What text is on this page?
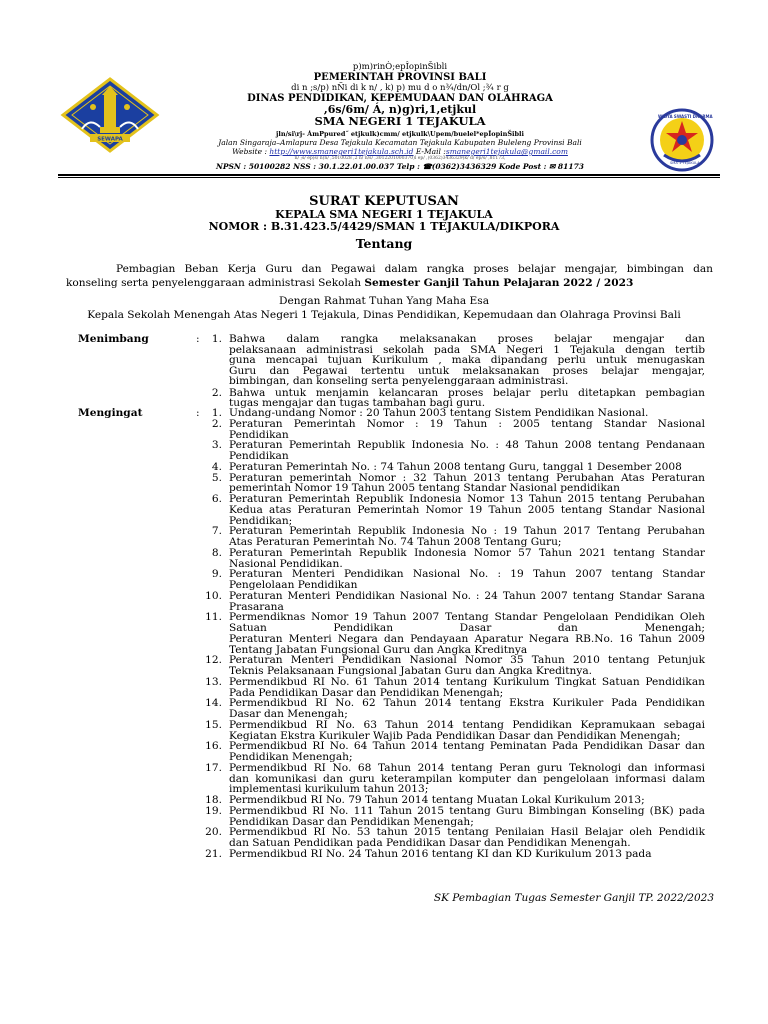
SEWAPA
WIDYA SWASTI DHARMA
SMA 1 TEJAKULA
p)m)rinÒ;epÎopinŠibli
PEMERINTAH PROVINSI BALI
di n ;s/p) nÑi di k n/ , k) p) mu d o n¾/dn/Ol ;¾ r g
DINAS PENDIDIKAN, KEPEMUDAAN DAN OLAHRAGA
,6s/6m/ Á, n)g)ri,1,etjkul
SMA NEGERI 1 TEJAKULA
jln/si\rj- ÁmPpured˝ etjkulk)cmm/ etjkulk\Upem/buelel*epÎopinŠibli
Jalan Singaraja–Amlapura Desa Tejakula Kecamatan Tejakula Kabupaten Buleleng Provinsi Bali
Website : http://www.smanegeri1tejakula.sch.id E-Mail :smanegeri1tejakula@gmail.com
n/ ;s/ ep)s/ n)n/ ,5010028 ,2 n/ n/s/ ,3012201000370)l ep/ ,(0362)3436329)k/ d/ ep/s/ ,81173,
NPSN : 50100282 NSS : 30.1.22.01.00.037 Telp : ☎(0362)3436329 Kode Post : ✉ 81173
SURAT KEPUTUSAN
KEPALA SMA NEGERI 1 TEJAKULA
NOMOR : B.31.423.5/4429/SMAN 1 TEJAKULA/DIKPORA
Tentang
Pembagian Beban Kerja Guru dan Pegawai dalam rangka proses belajar mengajar, bimbingan dan
konseling serta penyelenggaraan administrasi Sekolah Semester Ganjil Tahun Pelajaran 2022 / 2023
Dengan Rahmat Tuhan Yang Maha Esa
Kepala Sekolah Menengah Atas Negeri 1 Tejakula, Dinas Pendidikan, Kepemudaan dan Olahraga Provinsi Bali
Menimbang	:
Mengingat	:
1. Bahwa dalam rangka melaksanakan proses belajar mengajar dan
pelaksanaan administrasi sekolah pada SMA Negeri 1 Tejakula dengan tertib
guna mencapai tujuan Kurikulum , maka dipandang perlu untuk menugaskan
Guru dan Pegawai tertentu untuk melaksanakan proses belajar mengajar,
bimbingan, dan konseling serta penyelenggaraan administrasi.
2. Bahwa untuk menjamin kelancaran proses belajar perlu ditetapkan pembagian
tugas mengajar dan tugas tambahan bagi guru.
1. Undang-undang Nomor : 20 Tahun 2003 tentang Sistem Pendidikan Nasional.
2. Peraturan Pemerintah Nomor : 19 Tahun : 2005 tentang Standar Nasional
Pendidikan
3. Peraturan Pemerintah Republik Indonesia No. : 48 Tahun 2008 tentang Pendanaan
Pendidikan
4. Peraturan Pemerintah No. : 74 Tahun 2008 tentang Guru, tanggal 1 Desember 2008
5. Peraturan pemerintah Nomor : 32 Tahun 2013 tentang Perubahan Atas Peraturan
pemerintah Nomor 19 Tahun 2005 tentang Standar Nasional pendidikan
6. Peraturan Pemerintah Republik Indonesia Nomor 13 Tahun 2015 tentang Perubahan
Kedua atas Peraturan Pemerintah Nomor 19 Tahun 2005 tentang Standar Nasional
Pendidikan;
7. Peraturan Pemerintah Republik Indonesia No : 19 Tahun 2017 Tentang Perubahan
Atas Peraturan Pemerintah No. 74 Tahun 2008 Tentang Guru;
8. Peraturan Pemerintah Republik Indonesia Nomor 57 Tahun 2021 tentang Standar
Nasional Pendidikan.
9. Peraturan Menteri Pendidikan Nasional No. : 19 Tahun 2007 tentang Standar
Pengelolaan Pendidikan
10. Peraturan Menteri Pendidikan Nasional No. : 24 Tahun 2007 tentang Standar Sarana
Prasarana
11. Permendiknas Nomor 19 Tahun 2007 Tentang Standar Pengelolaan Pendidikan Oleh
Satuan Pendidikan Dasar dan Menengah;
Peraturan Menteri Negara dan Pendayaan Aparatur Negara RB.No. 16 Tahun 2009
Tentang Jabatan Fungsional Guru dan Angka Kreditnya
12. Peraturan Menteri Pendidikan Nasional Nomor 35 Tahun 2010 tentang Petunjuk
Teknis Pelaksanaan Fungsional Jabatan Guru dan Angka Kreditnya.
13. Permendikbud RI No. 61 Tahun 2014 tentang Kurikulum Tingkat Satuan Pendidikan
Pada Pendidikan Dasar dan Pendidikan Menengah;
14. Permendikbud RI No. 62 Tahun 2014 tentang Ekstra Kurikuler Pada Pendidikan
Dasar dan Menengah;
15. Permendikbud RI No. 63 Tahun 2014 tentang Pendidikan Kepramukaan sebagai
Kegiatan Ekstra Kurikuler Wajib Pada Pendidikan Dasar dan Pendidikan Menengah;
16. Permendikbud RI No. 64 Tahun 2014 tentang Peminatan Pada Pendidikan Dasar dan
Pendidikan Menengah;
17. Permendikbud RI No. 68 Tahun 2014 tentang Peran guru Teknologi dan informasi
dan komunikasi dan guru keterampilan komputer dan pengelolaan informasi dalam
implementasi kurikulum tahun 2013;
18. Permendikbud RI No. 79 Tahun 2014 tentang Muatan Lokal Kurikulum 2013;
19. Permendikbud RI No. 111 Tahun 2015 tentang Guru Bimbingan Konseling (BK) pada
Pendidikan Dasar dan Pendidikan Menengah;
20. Permendikbud RI No. 53 tahun 2015 tentang Penilaian Hasil Belajar oleh Pendidik
dan Satuan Pendidikan pada Pendidikan Dasar dan Pendidikan Menengah.
21. Permendikbud RI No. 24 Tahun 2016 tentang KI dan KD Kurikulum 2013 pada
SK Pembagian Tugas Semester Ganjil TP. 2022/2023
